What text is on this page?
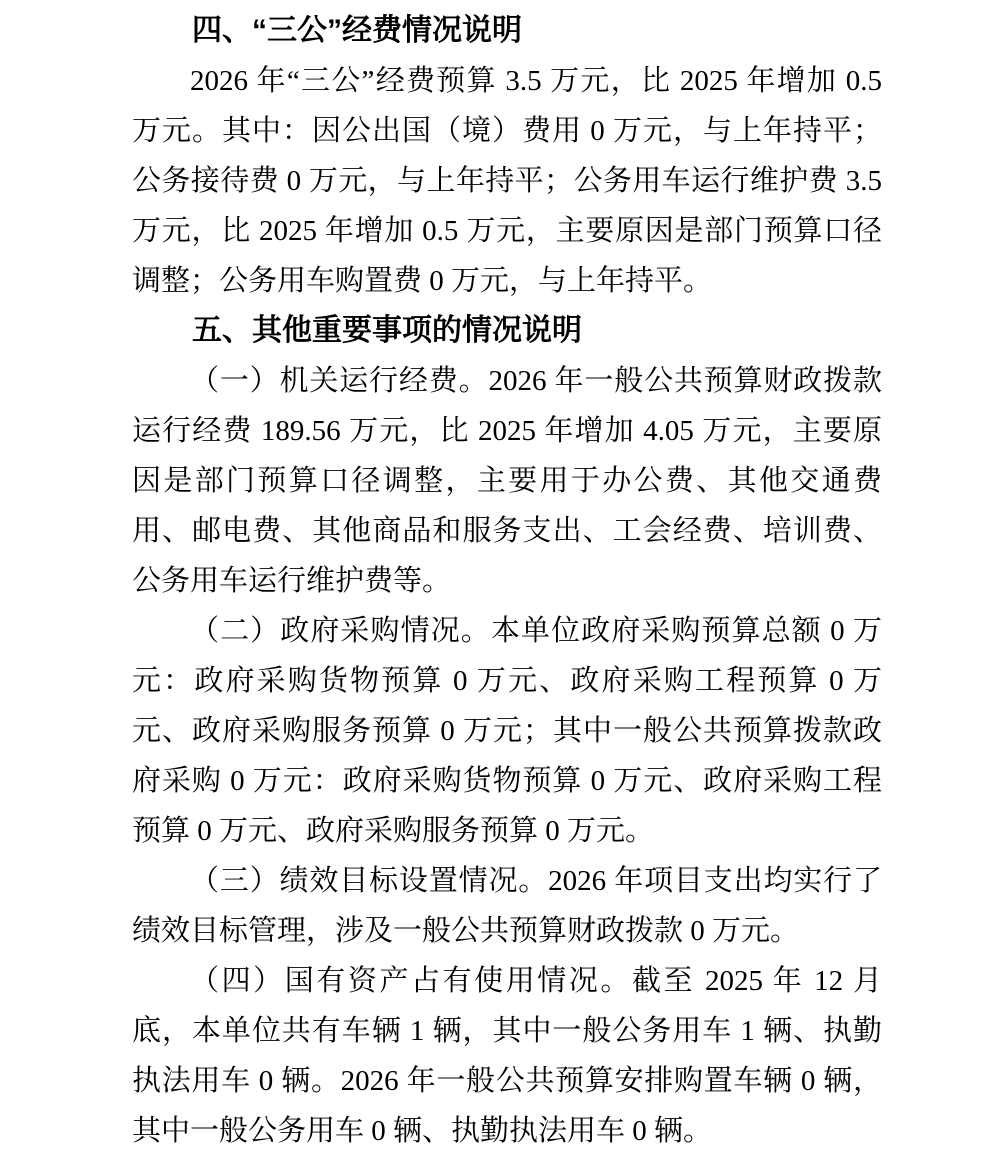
四、“三公”经费情况说明

2026 年“三公”经费预算 3.5 万元，比 2025 年增加 0.5 万元。其中：因公出国（境）费用 0 万元，与上年持平；公务接待费 0 万元，与上年持平；公务用车运行维护费 3.5 万元，比 2025 年增加 0.5 万元，主要原因是部门预算口径调整；公务用车购置费 0 万元，与上年持平。

五、其他重要事项的情况说明

（一）机关运行经费。2026 年一般公共预算财政拨款运行经费 189.56 万元，比 2025 年增加 4.05 万元，主要原因是部门预算口径调整，主要用于办公费、其他交通费用、邮电费、其他商品和服务支出、工会经费、培训费、公务用车运行维护费等。

（二）政府采购情况。本单位政府采购预算总额 0 万元：政府采购货物预算 0 万元、政府采购工程预算 0 万元、政府采购服务预算 0 万元；其中一般公共预算拨款政府采购 0 万元：政府采购货物预算 0 万元、政府采购工程预算 0 万元、政府采购服务预算 0 万元。

（三）绩效目标设置情况。2026 年项目支出均实行了绩效目标管理，涉及一般公共预算财政拨款 0 万元。

（四）国有资产占有使用情况。截至 2025 年 12 月底，本单位共有车辆 1 辆，其中一般公务用车 1 辆、执勤执法用车 0 辆。2026 年一般公共预算安排购置车辆 0 辆，其中一般公务用车 0 辆、执勤执法用车 0 辆。
